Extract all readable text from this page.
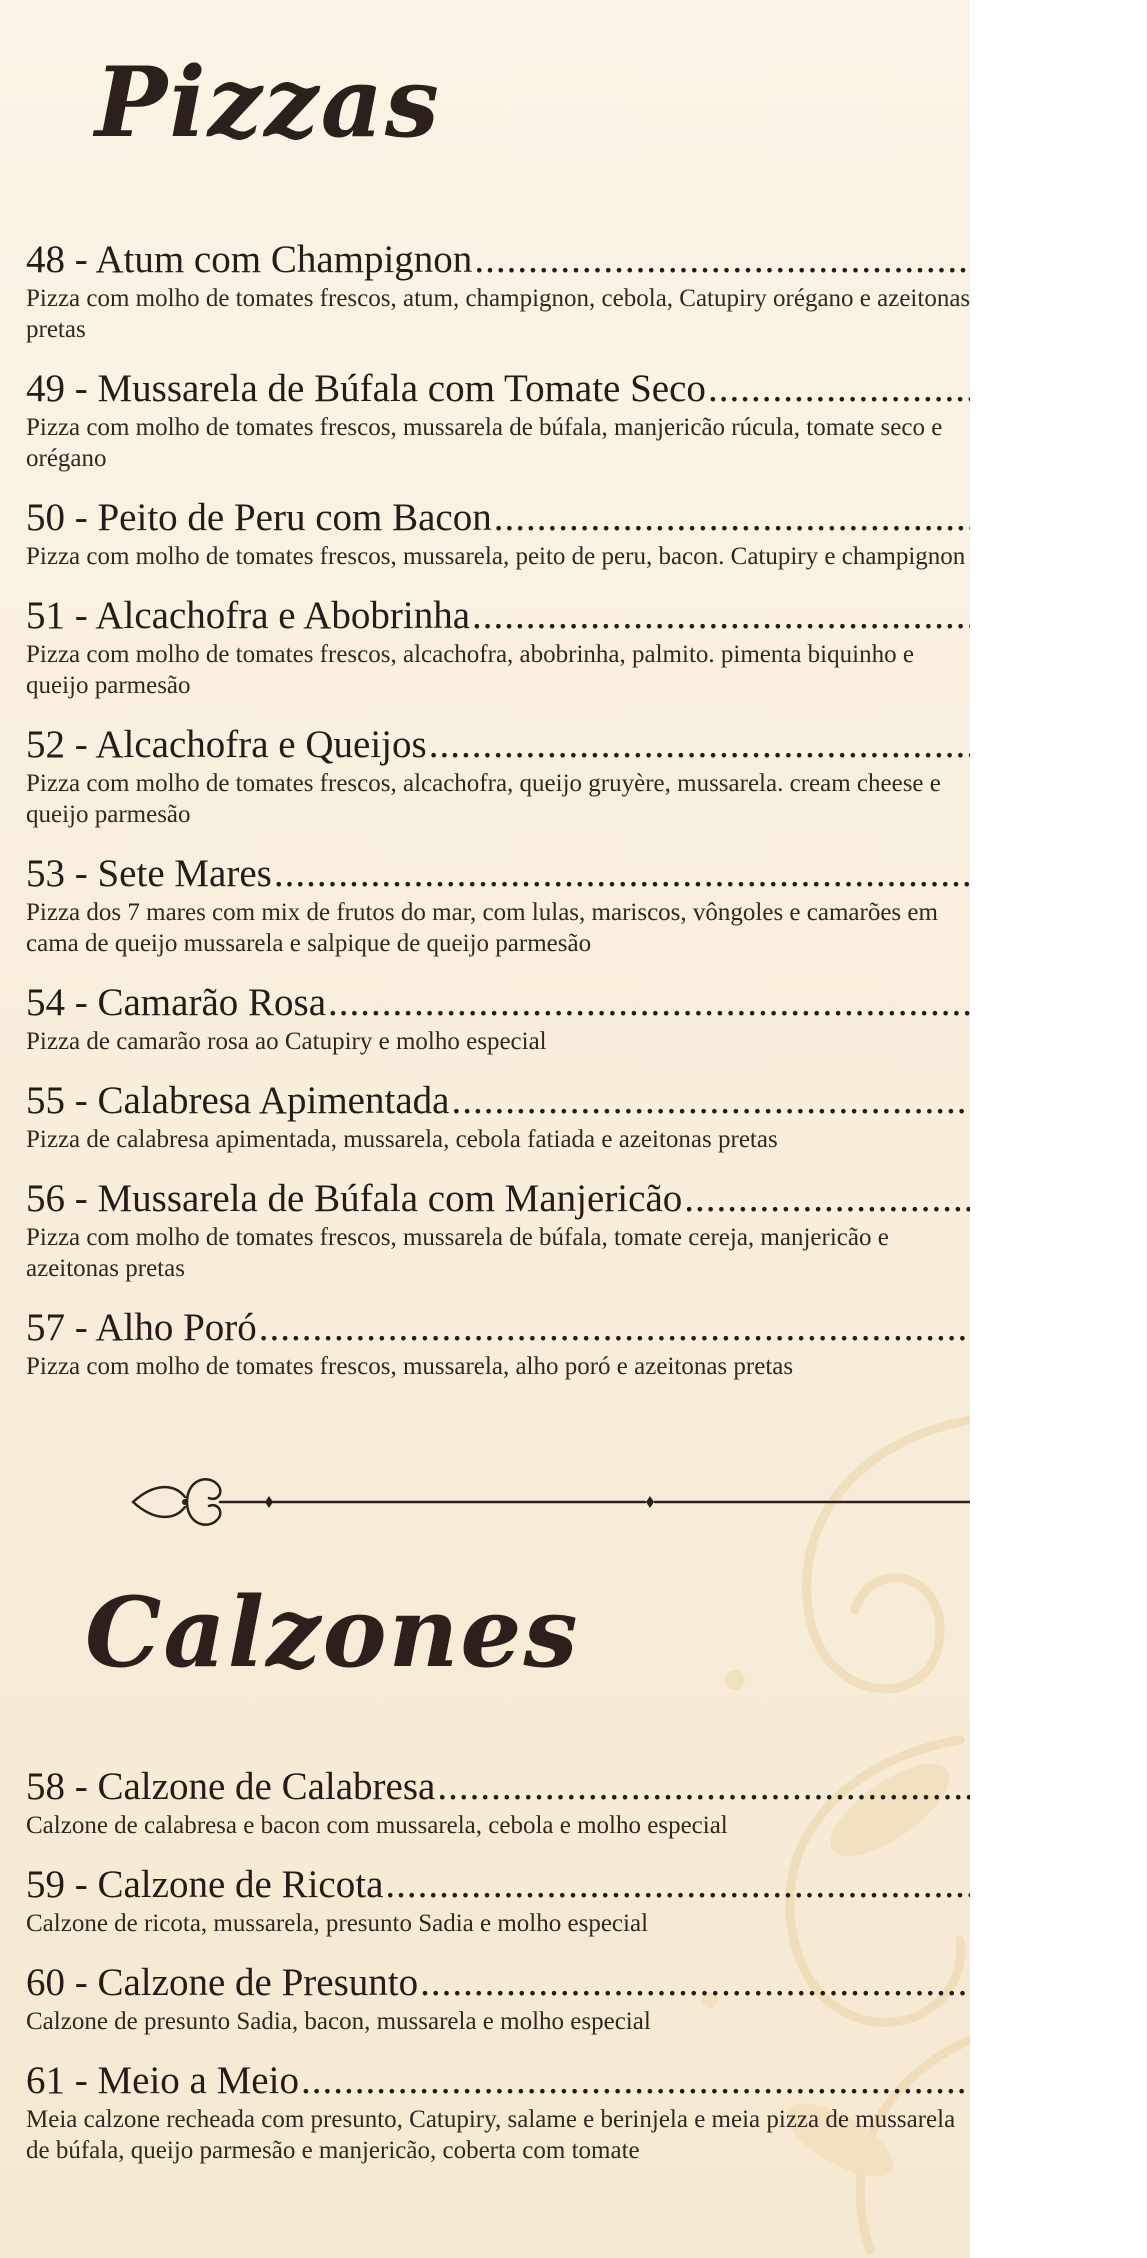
Pizzas
48 - Atum com Champignon
.....

Pizza com molho de tomates frescos, atum, champignon, cebola, Catupiry orégano e azeitonas pretas

49 - Mussarela de Búfala com Tomate Seco
.....

Pizza com molho de tomates frescos, mussarela de búfala, manjericão rúcula, tomate seco e orégano

50 - Peito de Peru com Bacon
.....

Pizza com molho de tomates frescos, mussarela, peito de peru, bacon. Catupiry e champignon

51 - Alcachofra e Abobrinha
.....

Pizza com molho de tomates frescos, alcachofra, abobrinha, palmito. pimenta biquinho e queijo parmesão

52 - Alcachofra e Queijos
.....

Pizza com molho de tomates frescos, alcachofra, queijo gruyère, mussarela. cream cheese e queijo parmesão

53 - Sete Mares
.....

Pizza dos 7 mares com mix de frutos do mar, com lulas, mariscos, vôngoles e camarões em cama de queijo mussarela e salpique de queijo parmesão

54 - Camarão Rosa
.....

Pizza de camarão rosa ao Catupiry e molho especial

55 - Calabresa Apimentada
.....

Pizza de calabresa apimentada, mussarela, cebola fatiada e azeitonas pretas

56 - Mussarela de Búfala com Manjericão
.....

Pizza com molho de tomates frescos, mussarela de búfala, tomate cereja, manjericão e azeitonas pretas

57 - Alho Poró
.....

Pizza com molho de tomates frescos, mussarela, alho poró e azeitonas pretas

Calzones
58 - Calzone de Calabresa
.....

Calzone de calabresa e bacon com mussarela, cebola e molho especial

59 - Calzone de Ricota
.....

Calzone de ricota, mussarela, presunto Sadia e molho especial

60 - Calzone de Presunto
.....

Calzone de presunto Sadia, bacon, mussarela e molho especial

61 - Meio a Meio
.....

Meia calzone recheada com presunto, Catupiry, salame e berinjela e meia pizza de mussarela de búfala, queijo parmesão e manjericão, coberta com tomate
